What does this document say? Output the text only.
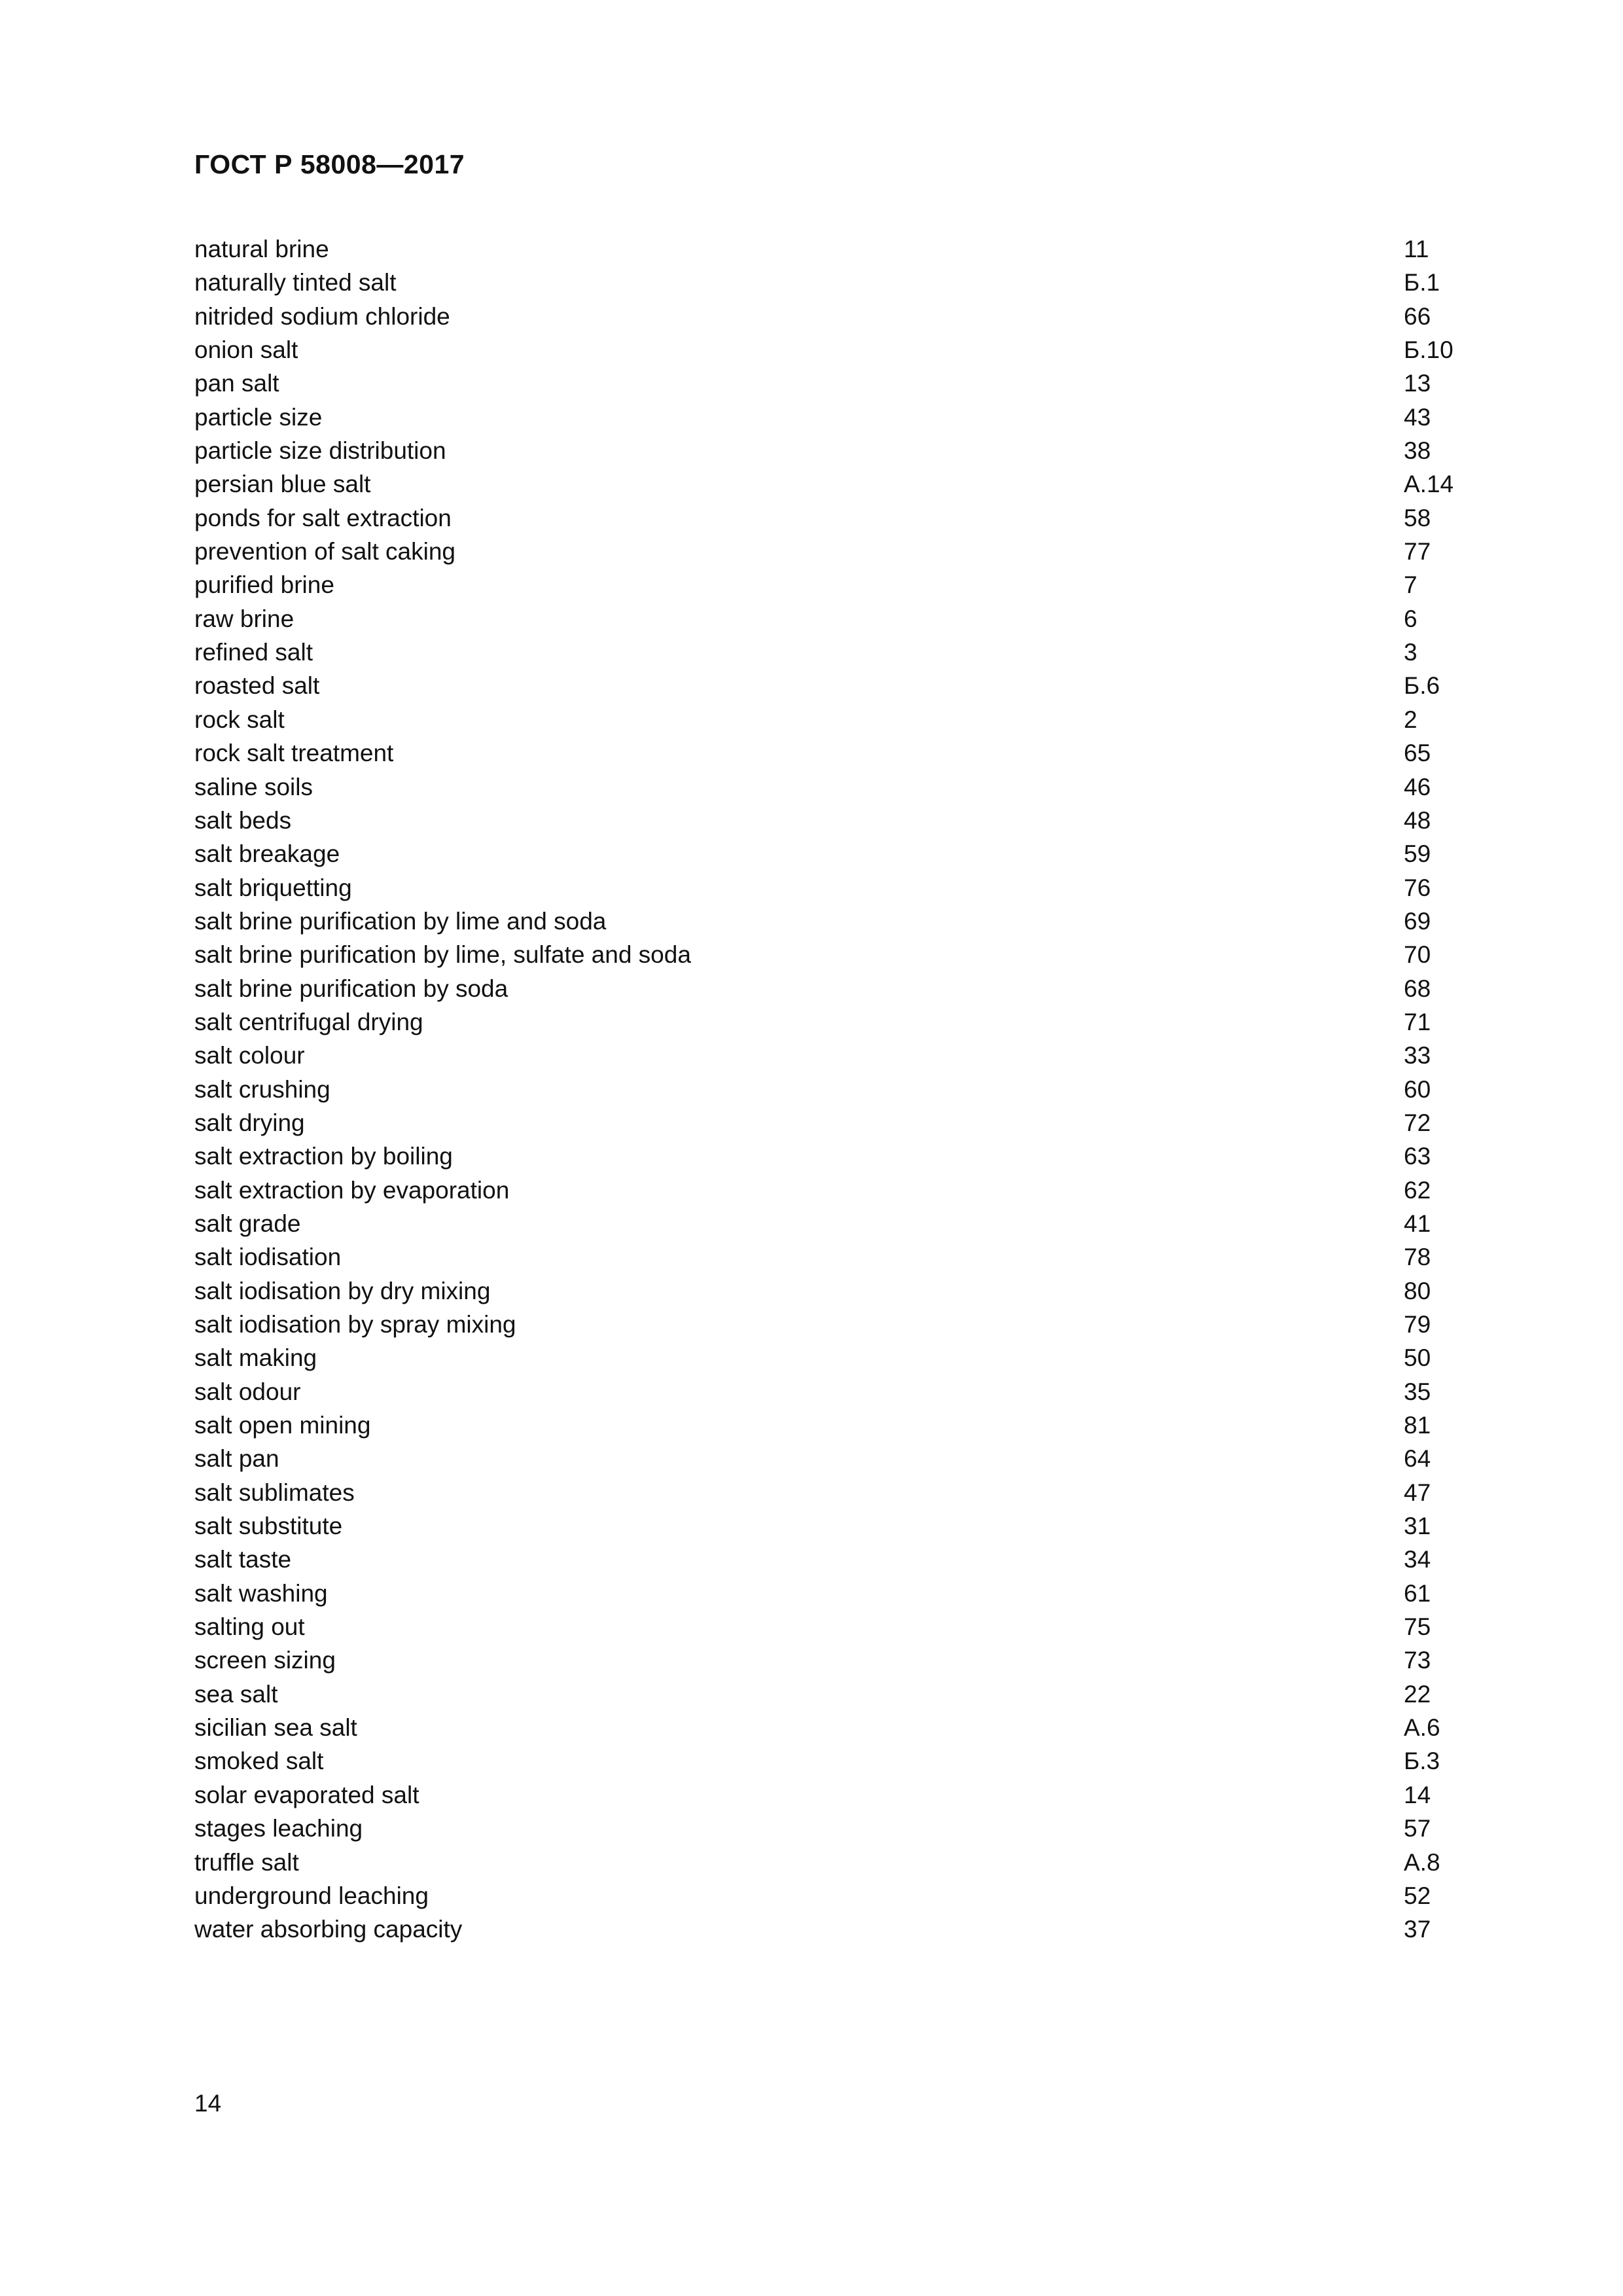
ГОСТ Р 58008—2017
natural brine	11
naturally tinted salt	Б.1
nitrided sodium chloride	66
onion salt	Б.10
pan salt	13
particle size	43
particle size distribution	38
persian blue salt	А.14
ponds for salt extraction	58
prevention of salt caking	77
purified brine	7
raw brine	6
refined salt	3
roasted salt	Б.6
rock salt	2
rock salt treatment	65
saline soils	46
salt beds	48
salt breakage	59
salt briquetting	76
salt brine purification by lime and soda	69
salt brine purification by lime, sulfate and soda	70
salt brine purification by soda	68
salt centrifugal drying	71
salt colour	33
salt crushing	60
salt drying	72
salt extraction by boiling	63
salt extraction by evaporation	62
salt grade	41
salt iodisation	78
salt iodisation by dry mixing	80
salt iodisation by spray mixing	79
salt making	50
salt odour	35
salt open mining	81
salt pan	64
salt sublimates	47
salt substitute	31
salt taste	34
salt washing	61
salting out	75
screen sizing	73
sea salt	22
sicilian sea salt	А.6
smoked salt	Б.3
solar evaporated salt	14
stages leaching	57
truffle salt	А.8
underground leaching	52
water absorbing capacity	37
14
